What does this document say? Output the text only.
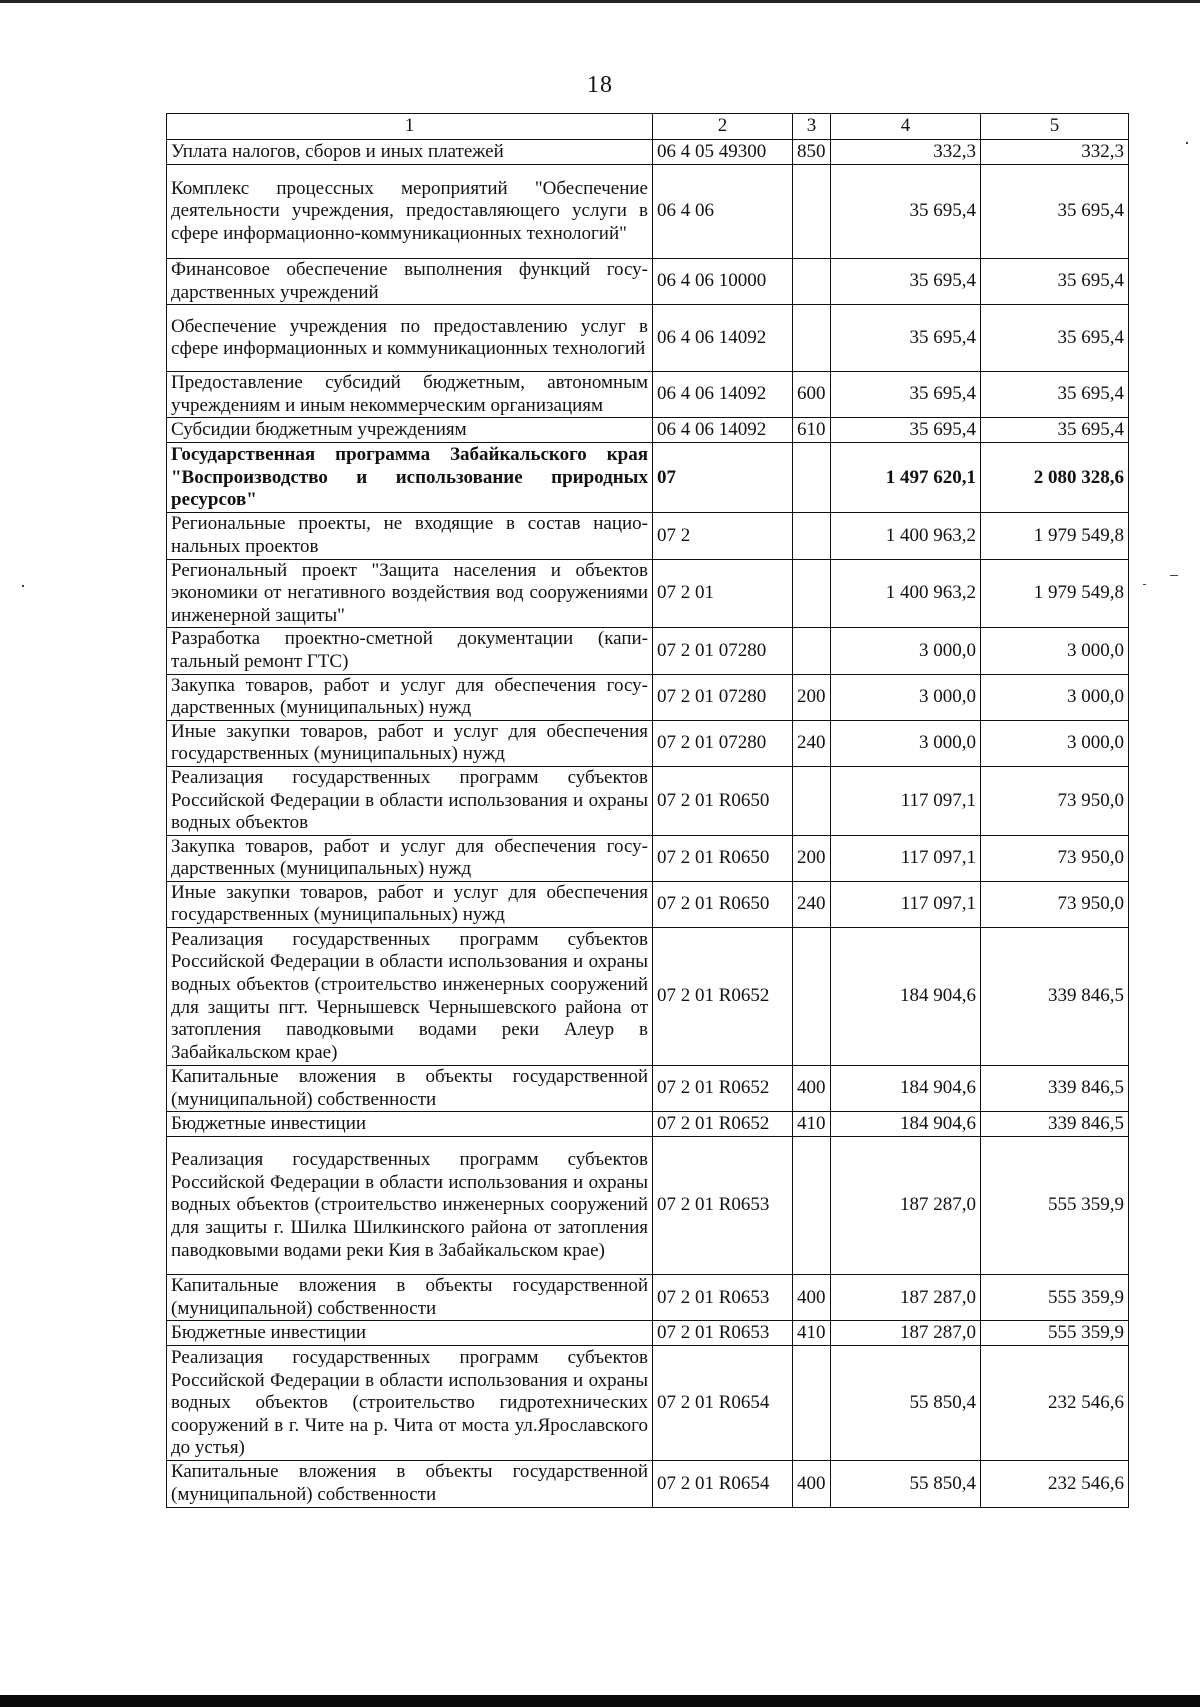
18
1	2	3	4	5
Уплата налогов, сборов и иных платежей	06 4 05 49300	850	332,3	332,3
Комплекс процессных мероприятий "Обеспечение деятельности учреждения, предоставляющего услуги в сфере информационно-коммуникационных технологий"	06 4 06		35 695,4	35 695,4
Финансовое обеспечение выполнения функций государственных учреждений	06 4 06 10000		35 695,4	35 695,4
Обеспечение учреждения по предоставлению услуг в сфере информационных и коммуникационных технологий	06 4 06 14092		35 695,4	35 695,4
Предоставление субсидий бюджетным, автономным учреждениям и иным некоммерческим организациям	06 4 06 14092	600	35 695,4	35 695,4
Субсидии бюджетным учреждениям	06 4 06 14092	610	35 695,4	35 695,4
Государственная программа Забайкальского края "Воспроизводство и использование природных ресурсов"	07		1 497 620,1	2 080 328,6
Региональные проекты, не входящие в состав национальных проектов	07 2		1 400 963,2	1 979 549,8
Региональный проект "Защита населения и объектов экономики от негативного воздействия вод сооружениями инженерной защиты"	07 2 01		1 400 963,2	1 979 549,8
Разработка проектно-сметной документации (капитальный ремонт ГТС)	07 2 01 07280		3 000,0	3 000,0
Закупка товаров, работ и услуг для обеспечения государственных (муниципальных) нужд	07 2 01 07280	200	3 000,0	3 000,0
Иные закупки товаров, работ и услуг для обеспечения государственных (муниципальных) нужд	07 2 01 07280	240	3 000,0	3 000,0
Реализация государственных программ субъектов Российской Федерации в области использования и охраны водных объектов	07 2 01 R0650		117 097,1	73 950,0
Закупка товаров, работ и услуг для обеспечения государственных (муниципальных) нужд	07 2 01 R0650	200	117 097,1	73 950,0
Иные закупки товаров, работ и услуг для обеспечения государственных (муниципальных) нужд	07 2 01 R0650	240	117 097,1	73 950,0
Реализация государственных программ субъектов Российской Федерации в области использования и охраны водных объектов (строительство инженерных сооружений для защиты пгт. Чернышевск Чернышевского района от затопления паводковыми водами реки Алеур в Забайкальском крае)	07 2 01 R0652		184 904,6	339 846,5
Капитальные вложения в объекты государственной (муниципальной) собственности	07 2 01 R0652	400	184 904,6	339 846,5
Бюджетные инвестиции	07 2 01 R0652	410	184 904,6	339 846,5
Реализация государственных программ субъектов Российской Федерации в области использования и охраны водных объектов (строительство инженерных сооружений для защиты г. Шилка Шилкинского района от затопления паводковыми водами реки Кия в Забайкальском крае)	07 2 01 R0653		187 287,0	555 359,9
Капитальные вложения в объекты государственной (муниципальной) собственности	07 2 01 R0653	400	187 287,0	555 359,9
Бюджетные инвестиции	07 2 01 R0653	410	187 287,0	555 359,9
Реализация государственных программ субъектов Российской Федерации в области использования и охраны водных объектов (строительство гидротехнических сооружений в г. Чите на р. Чита от моста ул.Ярославского до устья)	07 2 01 R0654		55 850,4	232 546,6
Капитальные вложения в объекты государственной (муниципальной) собственности	07 2 01 R0654	400	55 850,4	232 546,6
